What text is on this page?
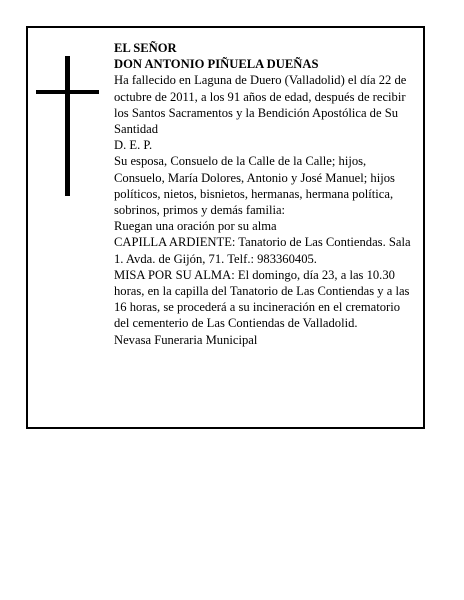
EL SEÑOR

DON ANTONIO PIÑUELA DUEÑAS

Ha fallecido en Laguna de Duero (Valladolid) el día 22 de octubre de 2011, a los 91 años de edad, después de recibir los Santos Sacramentos y la Bendición Apostólica de Su Santidad

D. E. P.

Su esposa, Consuelo de la Calle de la Calle; hijos, Consuelo, María Dolores, Antonio y José Manuel; hijos políticos, nietos, bisnietos, hermanas, hermana política, sobrinos, primos y demás familia:

Ruegan una oración por su alma

CAPILLA ARDIENTE: Tanatorio de Las Contiendas. Sala 1. Avda. de Gijón, 71. Telf.: 983360405.

MISA POR SU ALMA: El domingo, día 23, a las 10.30 horas, en la capilla del Tanatorio de Las Contiendas y a las 16 horas, se procederá a su incineración en el crematorio del cementerio de Las Contiendas de Valladolid.

Nevasa Funeraria Municipal
